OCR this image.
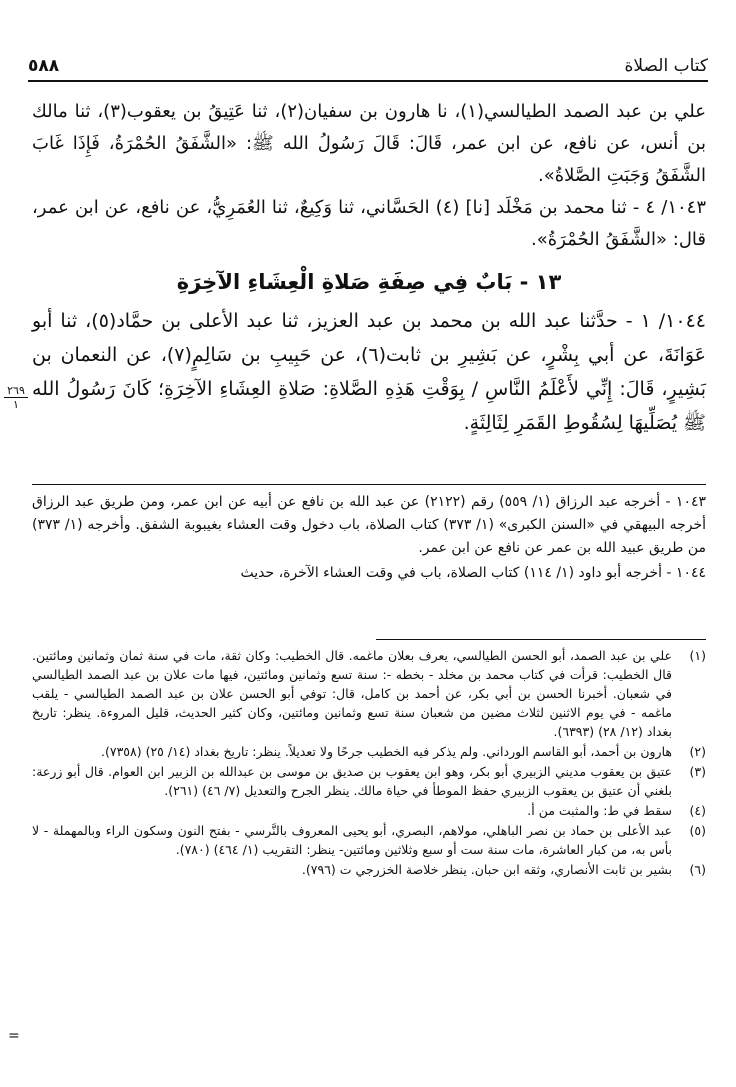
كتاب الصلاة
٥٨٨

علي بن عبد الصمد الطيالسي(١)، نا هارون بن سفيان(٢)، ثنا عَتِيقُ بن يعقوب(٣)، ثنا مالك بن أنس، عن نافع، عن ابن عمر، قَالَ: قَالَ رَسُولُ الله ﷺ: «الشَّفَقُ الحُمْرَةُ، فَإِذَا غَابَ الشَّفَقُ وَجَبَتِ الصَّلاةُ».

١٠٤٣/ ٤ - ثنا محمد بن مَخْلَد [نا] (٤) الحَسَّاني، ثنا وَكِيعٌ، ثنا العُمَرِيُّ، عن نافع، عن ابن عمر، قال: «الشَّفَقُ الحُمْرَةُ».

١٣ - بَابٌ فِي صِفَةِ صَلاةِ الْعِشَاءِ الآخِرَةِ

١٠٤٤/ ١ - حدَّثنا عبد الله بن محمد بن عبد العزيز، ثنا عبد الأعلى بن حمَّاد(٥)، ثنا أبو عَوَانَةَ، عن أبي بِشْرٍ، عن بَشِيرِ بن ثابت(٦)، عن حَبِيبِ بن سَالِمٍ(٧)، عن النعمان بن بَشِيرٍ، قَالَ: إِنِّي لأَعْلَمُ النَّاسِ / بِوَقْتِ هَذِهِ الصَّلاةِ: صَلاةِ العِشَاءِ الآخِرَةِ؛ كَانَ رَسُولُ الله ﷺ يُصَلِّيهَا لِسُقُوطِ القَمَرِ لِثَالِثَةٍ.

٢٦٩
١

١٠٤٣ - أخرجه عبد الرزاق (١/ ٥٥٩) رقم (٢١٢٢) عن عبد الله بن نافع عن أبيه عن ابن عمر، ومن طريق عبد الرزاق أخرجه البيهقي في «السنن الكبرى» (١/ ٣٧٣) كتاب الصلاة، باب دخول وقت العشاء بغيبوبة الشفق. وأخرجه (١/ ٣٧٣) من طريق عبيد الله بن عمر عن نافع عن ابن عمر.

١٠٤٤ - أخرجه أبو داود (١/ ١١٤) كتاب الصلاة، باب في وقت العشاء الآخرة، حديث

(١)
علي بن عبد الصمد، أبو الحسن الطيالسي، يعرف بعلان ماغمه. قال الخطيب: وكان ثقة، مات في سنة ثمان وثمانين ومائتين. قال الخطيب: قرأت في كتاب محمد بن مخلد - بخطه -: سنة تسع وثمانين ومائتين، فيها مات علان بن عبد الصمد الطيالسي في شعبان. أخبرنا الحسن بن أبي بكر، عن أحمد بن كامل، قال: توفي أبو الحسن علان بن عبد الصمد الطيالسي - يلقب ماغمه - في يوم الاثنين لثلاث مضين من شعبان سنة تسع وثمانين ومائتين، وكان كثير الحديث، قليل المروءة. ينظر: تاريخ بغداد (١٢/ ٢٨) (٦٣٩٣).
(٢)
هارون بن أحمد، أبو القاسم الورداني. ولم يذكر فيه الخطيب جرحًا ولا تعديلاً. ينظر: تاريخ بغداد (١٤/ ٢٥) (٧٣٥٨).
(٣)
عتيق بن يعقوب مديني الزبيري أبو بكر، وهو ابن يعقوب بن صديق بن موسى بن عبدالله بن الزبير ابن العوام. قال أبو زرعة: بلغني أن عتيق بن يعقوب الزبيري حفظ الموطأ في حياة مالك. ينظر الجرح والتعديل (٧/ ٤٦) (٢٦١).
(٤)
سقط في ط: والمثبت من أ.
(٥)
عبد الأعلى بن حماد بن نصر الباهلي، مولاهم، البصري، أبو يحيى المعروف بالنَّرسي - بفتح النون وسكون الراء وبالمهملة - لا بأس به، من كبار العاشرة، مات سنة ست أو سبع وثلاثين ومائتين- ينظر: التقريب (١/ ٤٦٤) (٧٨٠).
(٦)
بشير بن ثابت الأنصاري، وثقه ابن حبان. ينظر خلاصة الخزرجي ت (٧٩٦).
=
